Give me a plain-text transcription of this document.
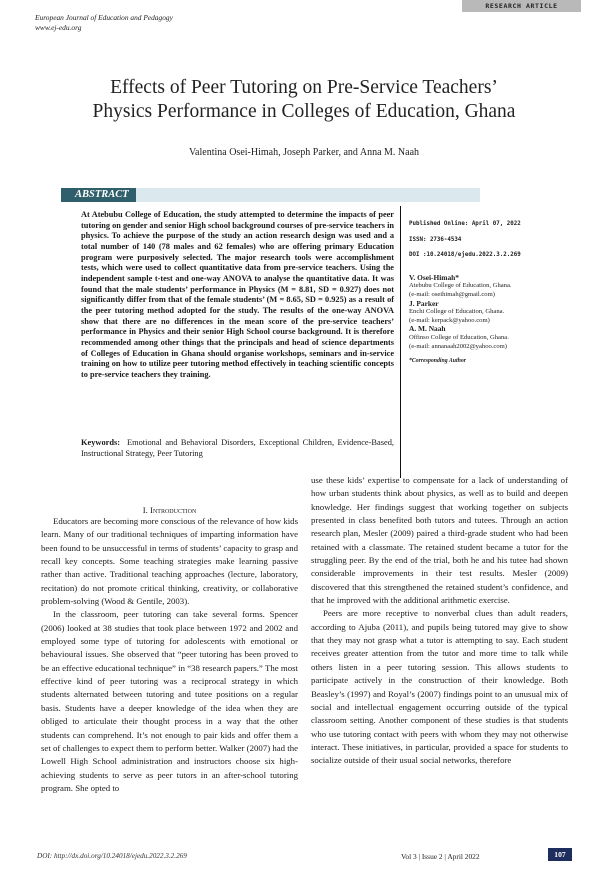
RESEARCH ARTICLE
European Journal of Education and Pedagogy
www.ej-edu.org
Effects of Peer Tutoring on Pre-Service Teachers’
Physics Performance in Colleges of Education, Ghana
Valentina Osei-Himah, Joseph Parker, and Anna M. Naah
ABSTRACT
At Atebubu College of Education, the study attempted to determine the impacts of peer tutoring on gender and senior High school background courses of pre-service teachers in physics. To achieve the purpose of the study an action research design was used and a total number of 140 (78 males and 62 females) who are offering primary Education program were purposively selected. The major research tools were accomplishment tests, which were used to collect quantitative data from pre-service teachers. Using the independent sample t-test and one-way ANOVA to analyse the quantitative data. It was found that the male students’ performance in Physics (M = 8.81, SD = 0.927) does not significantly differ from that of the female students’ (M = 8.65, SD = 0.925) as a result of the peer tutoring method adopted for the study. The results of the one-way ANOVA show that there are no differences in the mean score of the pre-service teachers’ performance in Physics and their senior High School course background. It is therefore recommended among other things that the principals and head of science departments of Colleges of Education in Ghana should organise workshops, seminars and in-service training on how to utilize peer tutoring method effectively in teaching scientific concepts to pre-service teachers they training.
Published Online: April 07, 2022
ISSN: 2736-4534
DOI :10.24018/ejedu.2022.3.2.269
V. Osei-Himah*
Atebubu College of Education, Ghana.
(e-mail: oseihimah@gmail.com)
J. Parker
Enchi College of Education, Ghana.
(e-mail: kerpack@yahoo.com)
A. M. Naah
Offinso College of Education, Ghana.
(e-mail: annanaah2002@yahoo.com)
*Corresponding Author
Keywords: Emotional and Behavioral Disorders, Exceptional Children, Evidence-Based, Instructional Strategy, Peer Tutoring
I. Introduction

Educators are becoming more conscious of the relevance of how kids learn. Many of our traditional techniques of imparting information have been found to be unsuccessful in terms of students’ capacity to grasp and recall key concepts. Some teaching strategies make learning passive rather than active. Traditional teaching approaches (lecture, laboratory, recitation) do not promote critical thinking, creativity, or collaborative problem-solving (Wood & Gentile, 2003).

In the classroom, peer tutoring can take several forms. Spencer (2006) looked at 38 studies that took place between 1972 and 2002 and employed some type of tutoring for adolescents with emotional or behavioural issues. She observed that “peer tutoring has been proved to be an effective educational technique” in “38 research papers.” The most effective kind of peer tutoring was a reciprocal strategy in which students alternated between tutoring and tutee positions on a regular basis. Students have a deeper knowledge of the idea when they are obliged to articulate their thought process in a way that the other students can comprehend. It’s not enough to pair kids and offer them a set of challenges to expect them to perform better. Walker (2007) had the Lowell High School administration and instructors choose six high-achieving students to serve as peer tutors in an after-school tutoring program. She opted to

use these kids’ expertise to compensate for a lack of understanding of how urban students think about physics, as well as to build and deepen knowledge. Her findings suggest that working together on subjects presented in class benefited both tutors and tutees. Through an action research plan, Mesler (2009) paired a third-grade student who had been retained with a classmate. The retained student became a tutor for the struggling peer. By the end of the trial, both he and his tutee had shown considerable improvements in their test results. Mesler (2009) discovered that this strengthened the retained student’s confidence, and that he improved with the additional arithmetic exercise.

Peers are more receptive to nonverbal clues than adult readers, according to Ajuba (2011), and pupils being tutored may give to show that they may not grasp what a tutor is attempting to say. Each student receives greater attention from the tutor and more time to talk while others listen in a peer tutoring session. This allows students to participate actively in the construction of their knowledge. Both Beasley’s (1997) and Royal’s (2007) findings point to an unusual mix of social and intellectual engagement occurring outside of the typical classroom setting. Another component of these studies is that students who use tutoring contact with peers with whom they may not otherwise interact. These initiatives, in particular, provided a space for students to socialize outside of their usual social networks, therefore

DOI: http://dx.doi.org/10.24018/ejedu.2022.3.2.269	Vol 3 | Issue 2 | April 2022	107
